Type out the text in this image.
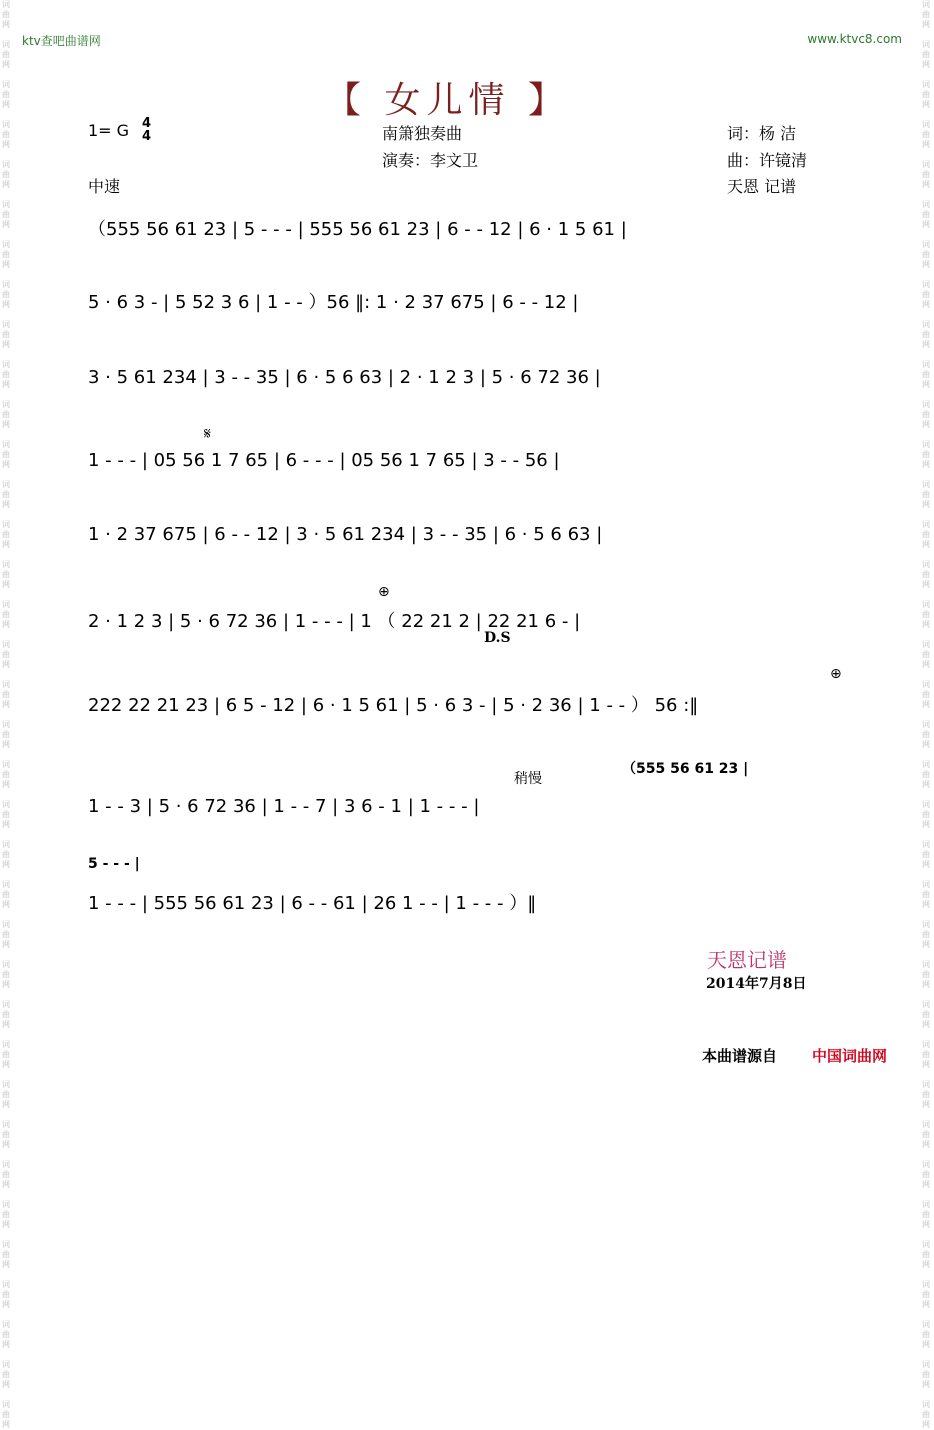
词
曲
网

词
曲
网

词
曲
网

词
曲
网

词
曲
网

词
曲
网

词
曲
网

词
曲
网

词
曲
网

词
曲
网

词
曲
网

词
曲
网

词
曲
网

词
曲
网

词
曲
网

词
曲
网

词
曲
网

词
曲
网

词
曲
网

词
曲
网

词
曲
网

词
曲
网

词
曲
网

词
曲
网

词
曲
网

词
曲
网

词
曲
网

词
曲
网

词
曲
网

词
曲
网

词
曲
网

词
曲
网

词
曲
网

词
曲
网

词
曲
网

词
曲
网

词
曲
网

词
曲
网

词
曲
网

词
曲
网

词
曲
网

词
曲
网

词
曲
网

词
曲
网

词
曲
网

词
曲
网

词
曲
网

词
曲
网

词
曲
网

词
曲
网

词
曲
网

词
曲
网

词
曲
网

词
曲
网

词
曲
网

词
曲
网

词
曲
网

词
曲
网

词
曲
网

词
曲
网

词
曲
网

词
曲
网

词
曲
网

词
曲
网

词
曲
网

词
曲
网

词
曲
网

词
曲
网

词
曲
网

词
曲
网

词
曲
网

词
曲
网

ktv查吧曲谱网	www.ktvc8.com
【 女儿情 】
1= G 4
4	南箫独奏曲
演奏：李文卫
词：杨 洁
曲：许镜清
天恩 记谱
中速
（555 56 61 23 | 5 - - - | 555 56 61 23 | 6 - - 12 | 6 · 1 5 61 |
5 · 6 3 - | 5 52 3 6 | 1 - - ）56 ‖: 1 · 2 37 675 | 6 - - 12 |
3 · 5 61 234 | 3 - - 35 | 6 · 5 6 63 | 2 · 1 2 3 | 5 · 6 72 36 |
𝄋
1 - - - | 05 56 1 7 65 | 6 - - - | 05 56 1 7 65 | 3 - - 56 |
1 · 2 37 675 | 6 - - 12 | 3 · 5 61 234 | 3 - - 35 | 6 · 5 6 63 |
⊕
2 · 1 2 3 | 5 · 6 72 36 | 1 - - - | 1 （ 22 21 2 | 22 21 6 - |
D.S
⊕
222 22 21 23 | 6 5 - 12 | 6 · 1 5 61 | 5 · 6 3 - | 5 · 2 36 | 1 - - ） 56 :‖
（555 56 61 23 |
稍慢
1 - - 3 | 5 · 6 72 36 | 1 - - 7 | 3 6 - 1 | 1 - - - |
5 - - - |
1 - - - | 555 56 61 23 | 6 - - 61 | 26 1 - - | 1 - - - ）‖
天恩记谱
2014年7月8日
本曲谱源自 中国词曲网
